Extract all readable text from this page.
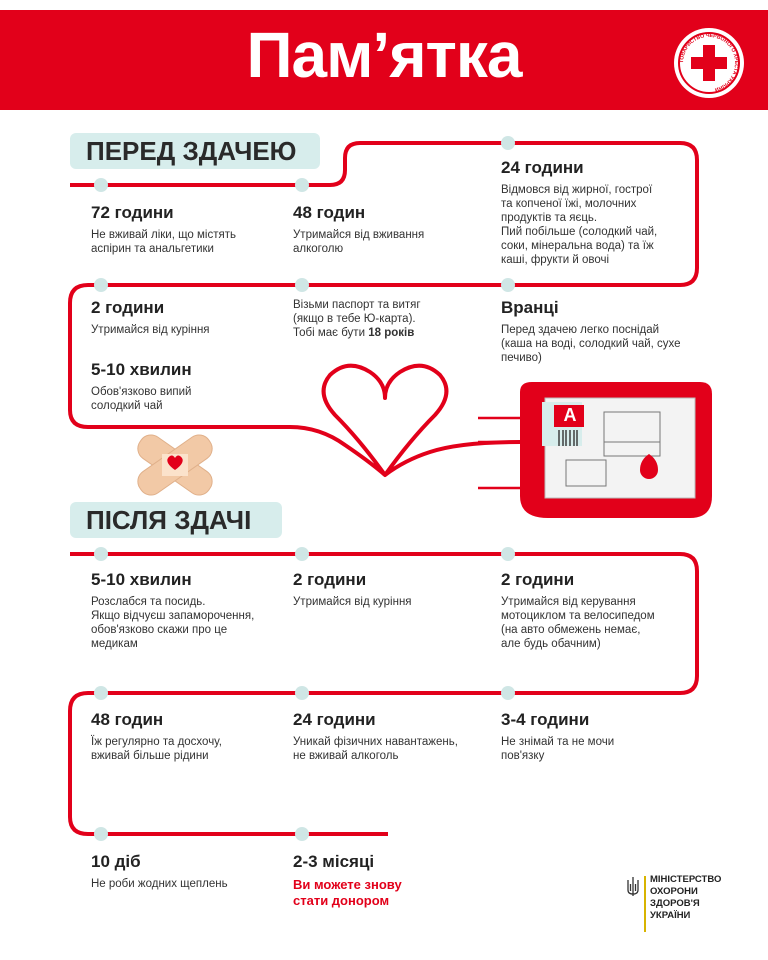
Пам’ятка	ТОВАРИСТВО ЧЕРВОНОГО ХРЕСТА УКРАЇНИ
ПЕРЕД ЗДАЧЕЮ
ПІСЛЯ ЗДАЧІ
72 години
Не вживай ліки, що містять
аспірин та анальгетики
48 годин
Утримайся від вживання
алкоголю
24 години
Відмовся від жирної, гострої
та копченої їжі, молочних
продуктів та яєць.
Пий побільше (солодкий чай,
соки, мінеральна вода) та їж
каші, фрукти й овочі
2 години
Утримайся від куріння
Візьми паспорт та витяг
(якщо в тебе Ю-карта).
Тобі має бути 18 років
Вранці
Перед здачею легко поснідай
(каша на воді, солодкий чай, сухе
печиво)
5-10 хвилин
Обов'язково випий
солодкий чай
5-10 хвилин
Розслабся та посидь.
Якщо відчуєш запаморочення,
обов'язково скажи про це
медикам
2 години
Утримайся від куріння
2 години
Утримайся від керування
мотоциклом та велосипедом
(на авто обмежень немає,
але будь обачним)
48 годин
Їж регулярно та досхочу,
вживай більше рідини
24 години
Уникай фізичних навантажень,
не вживай алкоголь
3-4 години
Не знімай та не мочи
пов'язку
10 діб
Не роби жодних щеплень
2-3 місяці
Ви можете знову
стати донором
A
МІНІСТЕРСТВО
ОХОРОНИ
ЗДОРОВ'Я
УКРАЇНИ
